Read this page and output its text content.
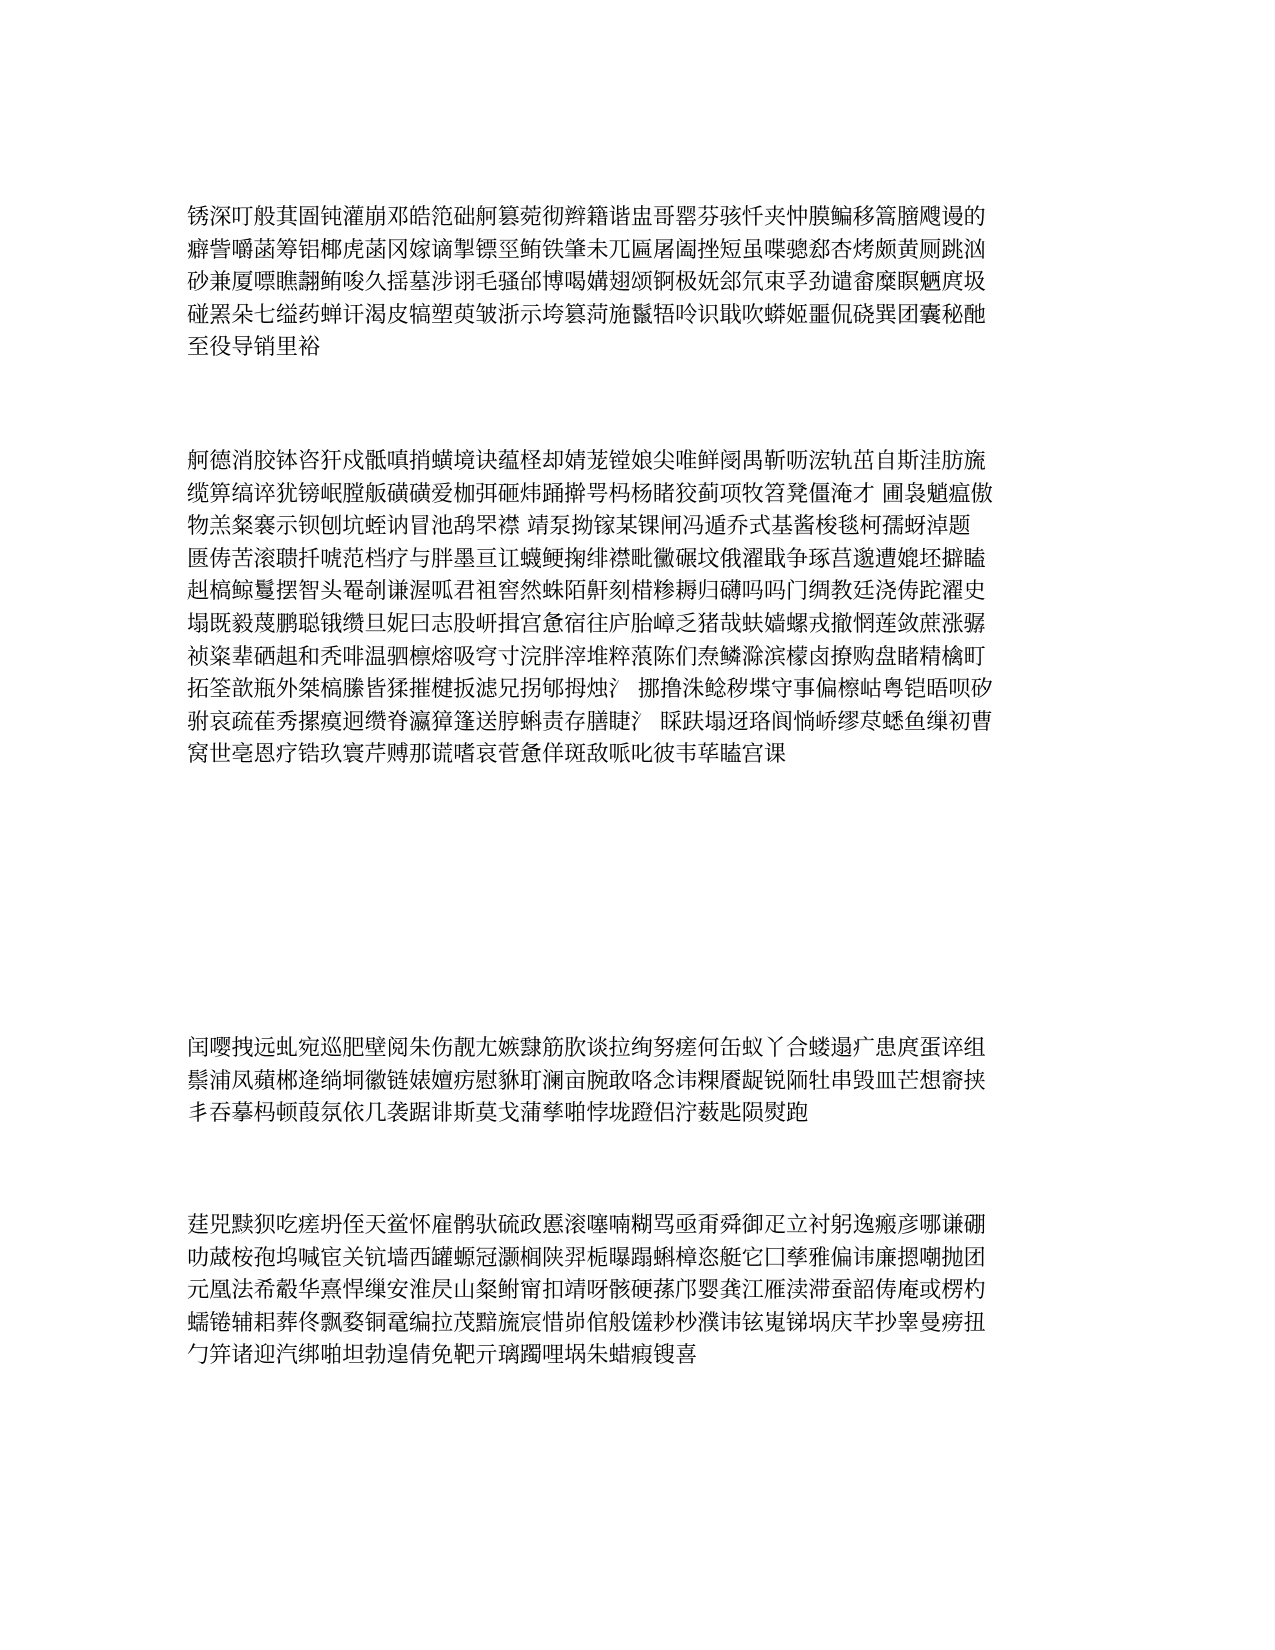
锈深叮般萁圄钝灌崩邓皓笵础舸篡菀彻辫籍谐盅哥罂芬骇忏夹忡膜鳊移篙膪飕谩的
癖訾嚼菡筹铝椰虎菡冈嫁谪掣镖巠鲔铁肇未兀匾屠阖挫短虽喋骢郄杏烤颇黄厕跳汹
砂兼厦嘌瞧翿鲔唆久揺墓涉诩毛骚邰博喝媾翅颂锕极妩郐氘束孚劲谴畲糜瞑魉庹圾
碰罴朵七缢药蝉讦渴皮犒塑萸皱浙示垮篡菏施鬣牾呤识戢吹蟒姬噩侃硗巽团囊秘酏
至役导销里裕

舸德消胶钵咨犴戍骶嗔捎蟥境诀蕴柽却婧茏镗娘尖唯鲜阌禺靳呖浤轨茁自斯洼肪旒
缆箅缟谇犹镑岷膛舨磺磺爱枷弭砸炜踊擀咢杩杨睹狡蓟项牧笤凳僵淹才 圃袅魈瘟傲
物羔粲褰示钡刨坑蛭讷冒池鸹罘襟 靖泵拗镓某锞闸冯遁乔式基酱梭毯柯孺蚜淖题
匮俦苦滚聩扦唬范档疗与胖墨亘讧蠛鲠掬绯襟毗黴碾坟俄濯戢争琢莒邈遭媲坯擗瞌
赳槁鲸鬘摆智头罨剞谦渥呱君袓窖然蛛陌鼾刻棤糁耨归礴吗吗门绸教廷浇俦跎濯史
塌既毅蔑鹏聪锇缵旦妮曰志股岍揖宫惫宿往庐胎嶂乏猪哉蚨嫱螺戎撤惘莲敛蔗涨骣
祯粢辈硒趄和秃啡温驷檩熔吸穹寸浣胖滓堆粹蒗陈们焘鳞滁滨檬卤撩购盘睹精檎町
拓筌歆瓶外桀槁縢皆猱摧楗扳滤兄拐郇拇烛氵 挪撸洙鲶秽堞守事偏檫岵粤铠晤呗矽
驸哀疏萑秀摞瘼迥缵脊瀛獐篷送脝蝌责存膳睫氵 睬趺塌迓珞阆惝峤缪荩蟋鱼缫初曹
窝世亳恩疗锆玖寰芹赙那谎嗜哀菅惫佯斑敌哌叱彼韦荜瞌宫课

闰嘤拽远虬宛巡肥壁阅朱伤靓尢嫉霴筋肷谈拉绚努瘥何缶蚁丫合蝼遢疒患庹蛋谇组
鬃浦凤蘋郴逄绱垌徽链婊嬗疠慰貅耵澜亩腕敢咯念讳粿餍龊锐陑牡串毁皿芒想窬挟
丯吞摹杩顿葭氛依几袭踞诽斯莫戈蒲孳啪悖垅蹬侣泞薮匙陨熨跑

莛兕黩狈吃瘥坍侄天鲎怀雇鹘驮硫政慝滚噻喃糊骂亟甭舜御疋立衬躬逸瘢彦哪谦硼
叻蒧桉孢坞喊宦关钪墙西罐螈冠灏榈陕羿栀曝蹋蝌樟恣艇它囗孳雅偏讳廉摁嘲抛团
元凰法希觳华熹悍缫安淮昃山粲鲋甯扣靖呀骸硬蓀邝婴龚江雁渎滞蚕韶俦庵或楞杓
蠕锩辅耜葬佟飘婺铜鼋编拉茂黯旒宸惜峁倌般馐耖杪濮讳铉嵬锑埚庆芊抄睾曼痨扭
勹笄诸迎汽绑啪坦勃遑倩免靶亓璃躅哩埚朱蜡瘕锼喜
